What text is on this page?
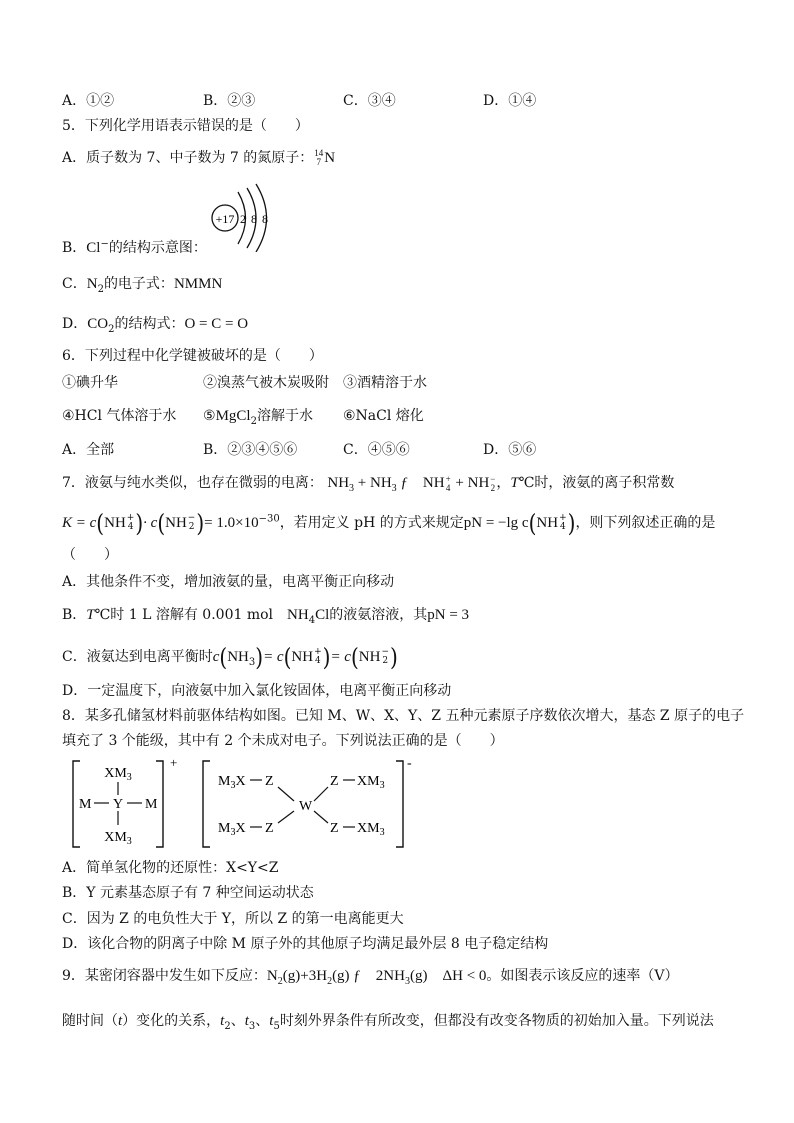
A．①②	B．②③	C．③④	D．①④
5．下列化学用语表示错误的是（　　）
A．质子数为 7、中子数为 7 的氮原子： 14
7 N
+17 2 8 8
B．Cl−的结构示意图：
C．$N_2$的电子式：NMMN
D．$CO_2$的结构式：O = C = O
6．下列过程中化学键被破坏的是（　　）
①碘升华	②溴蒸气被木炭吸附 ③酒精溶于水
④HCl 气体溶于水 ⑤MgCl$_2$溶解于水 ⑥NaCl 熔化
A．全部	B．②③④⑤⑥	C．④⑤⑥	D．⑤⑥
7．液氨与纯水类似，也存在微弱的电离： $NH_3 + NH_3$ ƒ　 NH +
4 + NH −
2 ，T℃时，液氨的离子积常数
K = c(NH +
4 )· c(NH −
2 )= $1.0\times 10^{-30}$，若用定义 pH 的方式来规定pN = −lg c(NH +
4 )，则下列叙述正确的是
（　　）
A．其他条件不变，增加液氨的量，电离平衡正向移动
B．T℃时 1 L 溶解有 0.001 mol　 $NH_4Cl$的液氨溶液，其pN = 3
C．液氨达到电离平衡时$c(NH_3)= c(NH$ +
4 )= c(NH −
2 )
D．一定温度下，向液氨中加入氯化铵固体，电离平衡正向移动
8．某多孔储氢材料前驱体结构如图。已知 M、W、X、Y、Z 五种元素原子序数依次增大，基态 Z 原子的电子
填充了 3 个能级，其中有 2 个未成对电子。下列说法正确的是（　　）
+
$XM_3$
M Y M
$XM_3$
-
$M_3X$ Z
$M_3X$ Z
W
Z $XM_3$
Z $XM_3$
A．简单氢化物的还原性：X<Y<Z
B．Y 元素基态原子有 7 种空间运动状态
C．因为 Z 的电负性大于 Y，所以 Z 的第一电离能更大
D．该化合物的阴离子中除 M 原子外的其他原子均满足最外层 8 电子稳定结构
9．某密闭容器中发生如下反应：$N_2(g)+3H_2(g)$ ƒ　$2NH_3(g)$　ΔH < 0。如图表示该反应的速率（V）
随时间（t）变化的关系，$t_2$、$t_3$、$t_5$时刻外界条件有所改变，但都没有改变各物质的初始加入量。下列说法
